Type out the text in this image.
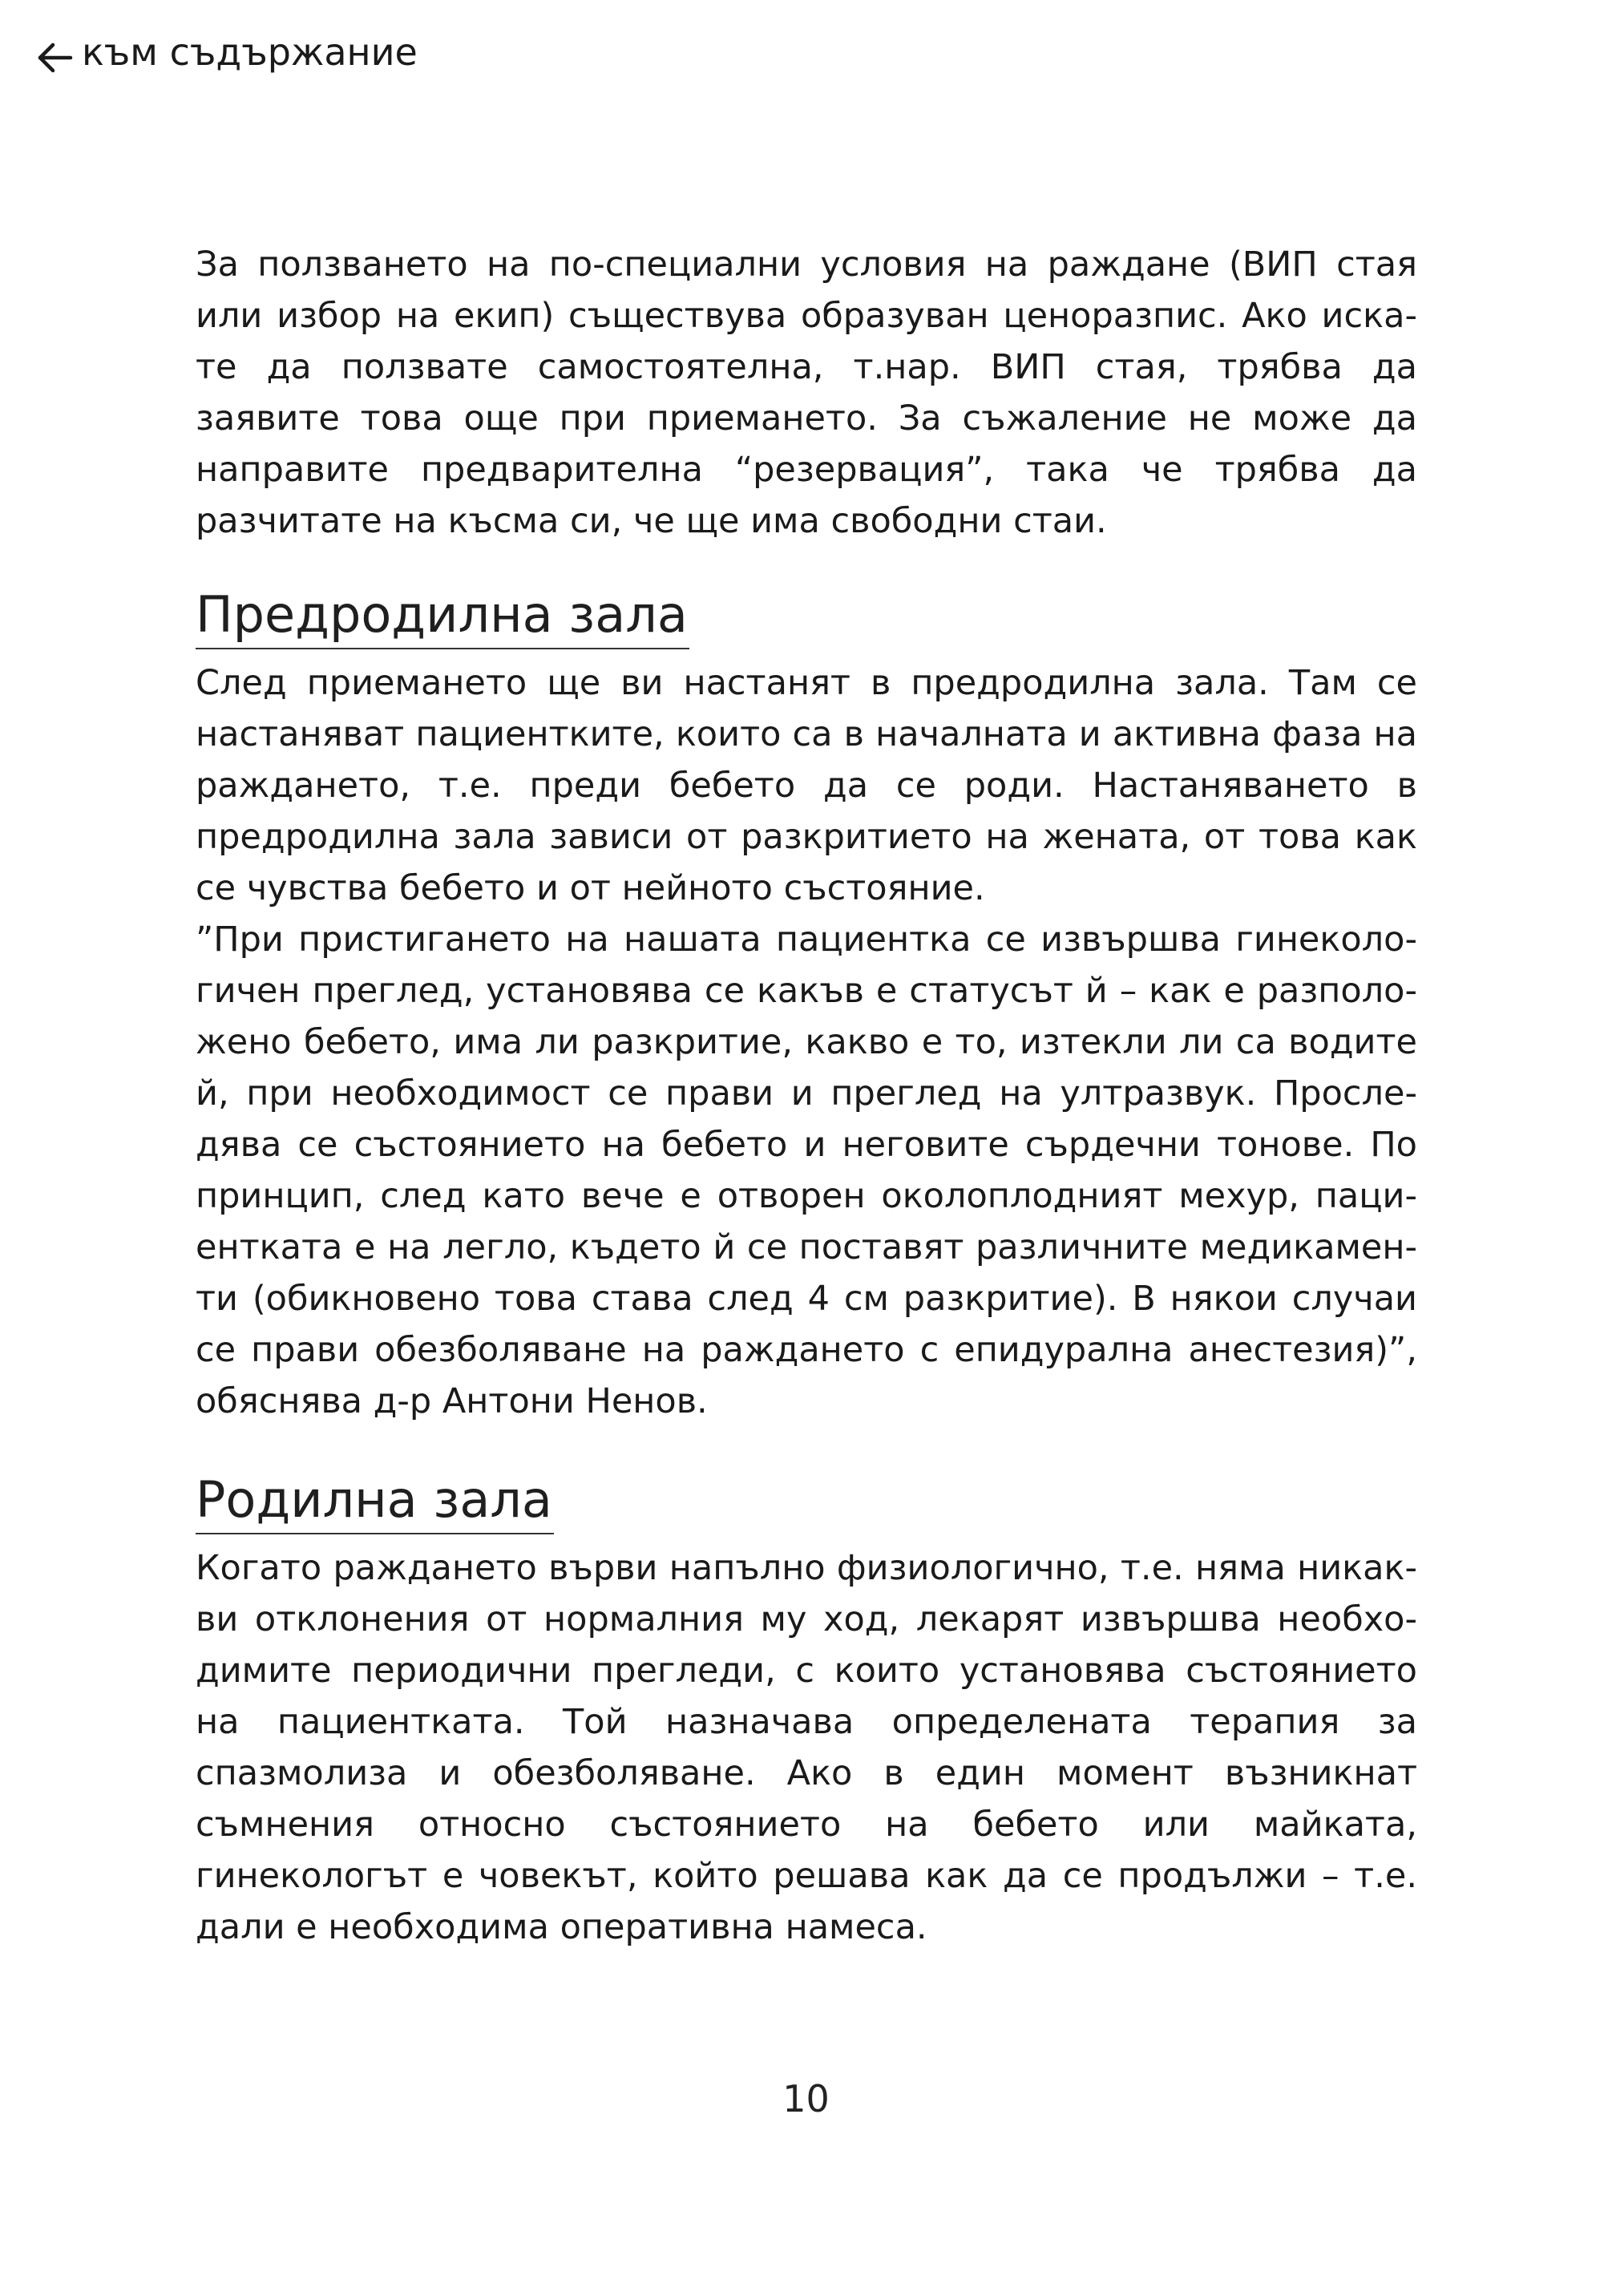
към съдържание

За ползването на по-специални условия на раждане (ВИП стая или избор на екип) съществува образуван ценоразпис. Ако искате да ползвате самостоятелна, т.нар. ВИП стая, трябва да заявите това още при приемането. За съжаление не може да направите предварителна “резервация”, така че трябва да разчитате на късма си, че ще има свободни стаи.

Предродилна зала

След приемането ще ви настанят в предродилна зала. Там се настаняват пациентките, които са в началната и активна фаза на раждането, т.е. преди бебето да се роди. Настаняването в предродилна зала зависи от разкритието на жената, от това как се чувства бебето и от нейното състояние.

”При пристигането на нашата пациентка се извършва гинекологичен преглед, установява се какъв е статусът й – как е разположено бебето, има ли разкритие, какво е то, изтекли ли са водите й, при необходимост се прави и преглед на ултразвук. Проследява се състоянието на бебето и неговите сърдечни тонове. По принцип, след като вече е отворен околоплодният мехур, пациентката е на легло, където й се поставят различните медикаменти (обикновено това става след 4 см разкритие). В някои случаи се прави обезболяване на раждането с епидурална анестезия)”, обяснява д-р Антони Ненов.

Родилна зала

Когато раждането върви напълно физиологично, т.е. няма никакви отклонения от нормалния му ход, лекарят извършва необходимите периодични прегледи, с които установява състоянието на пациентката. Той назначава определената терапия за спазмолиза и обезболяване. Ако в един момент възникнат съмнения относно състоянието на бебето или майката, гинекологът е човекът, който решава как да се продължи – т.е. дали е необходима оперативна намеса.

10
